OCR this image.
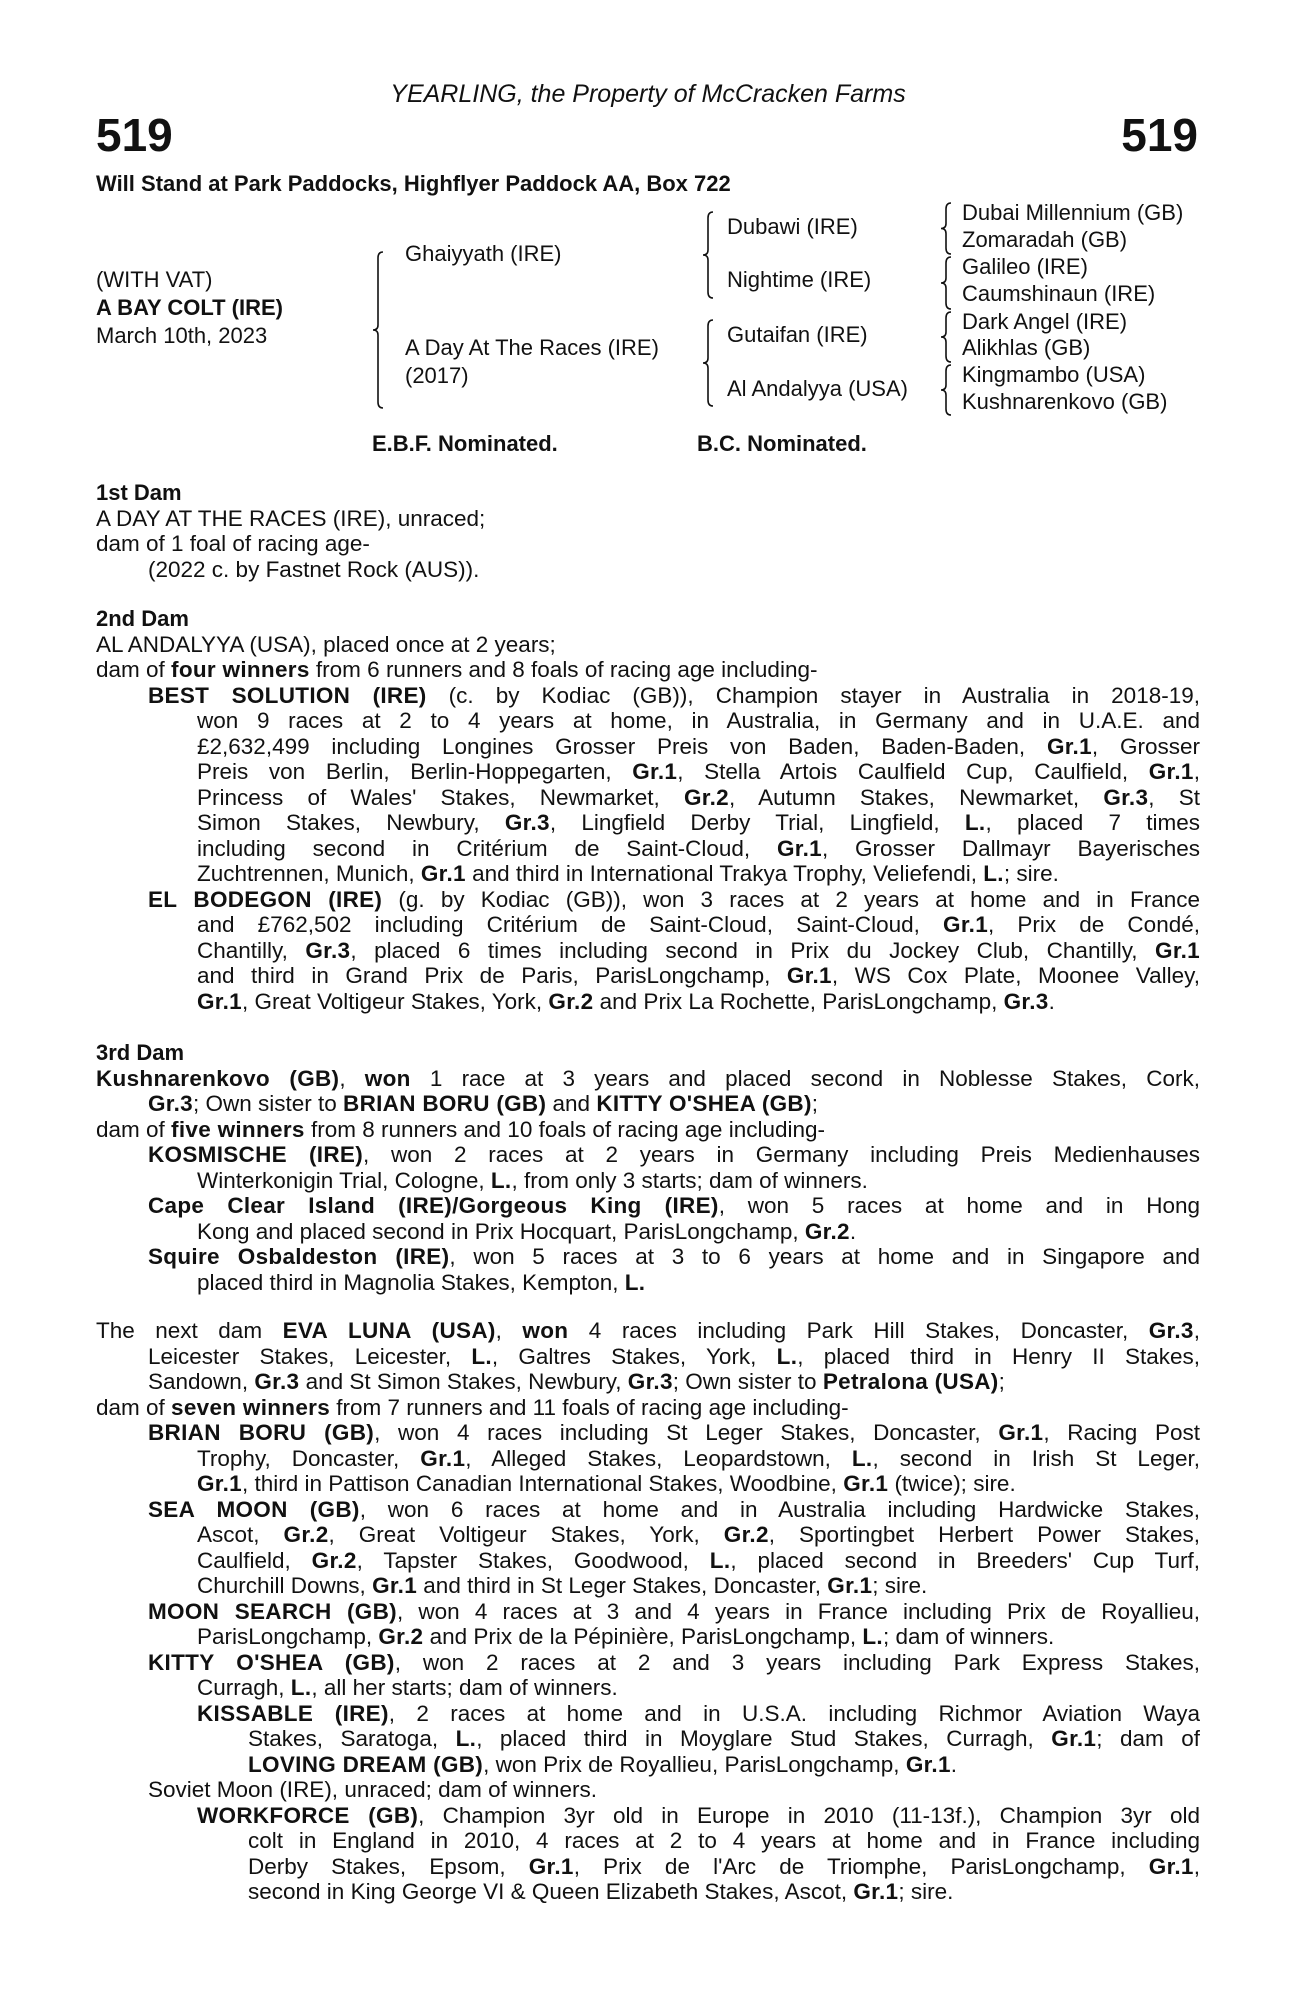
YEARLING, the Property of McCracken Farms
519	519
Will Stand at Park Paddocks, Highflyer Paddock AA, Box 722
(WITH VAT)
A BAY COLT (IRE)
March 10th, 2023
Ghaiyyath (IRE)
A Day At The Races (IRE)
(2017)
Dubawi (IRE)
Nightime (IRE)
Gutaifan (IRE)
Al Andalyya (USA)
Dubai Millennium (GB)
Zomaradah (GB)
Galileo (IRE)
Caumshinaun (IRE)
Dark Angel (IRE)
Alikhlas (GB)
Kingmambo (USA)
Kushnarenkovo (GB)
E.B.F. Nominated.	B.C. Nominated.
1st Dam
A DAY AT THE RACES (IRE), unraced;
dam of 1 foal of racing age-
(2022 c. by Fastnet Rock (AUS)).
2nd Dam
AL ANDALYYA (USA), placed once at 2 years;
dam of four winners from 6 runners and 8 foals of racing age including-
BEST SOLUTION (IRE) (c. by Kodiac (GB)), Champion stayer in Australia in 2018-19,
won 9 races at 2 to 4 years at home, in Australia, in Germany and in U.A.E. and
£2,632,499 including Longines Grosser Preis von Baden, Baden-Baden, Gr.1, Grosser
Preis von Berlin, Berlin-Hoppegarten, Gr.1, Stella Artois Caulfield Cup, Caulfield, Gr.1,
Princess of Wales' Stakes, Newmarket, Gr.2, Autumn Stakes, Newmarket, Gr.3, St
Simon Stakes, Newbury, Gr.3, Lingfield Derby Trial, Lingfield, L., placed 7 times
including second in Critérium de Saint-Cloud, Gr.1, Grosser Dallmayr Bayerisches
Zuchtrennen, Munich, Gr.1 and third in International Trakya Trophy, Veliefendi, L.; sire.
EL BODEGON (IRE) (g. by Kodiac (GB)), won 3 races at 2 years at home and in France
and £762,502 including Critérium de Saint-Cloud, Saint-Cloud, Gr.1, Prix de Condé,
Chantilly, Gr.3, placed 6 times including second in Prix du Jockey Club, Chantilly, Gr.1
and third in Grand Prix de Paris, ParisLongchamp, Gr.1, WS Cox Plate, Moonee Valley,
Gr.1, Great Voltigeur Stakes, York, Gr.2 and Prix La Rochette, ParisLongchamp, Gr.3.
3rd Dam
Kushnarenkovo (GB), won 1 race at 3 years and placed second in Noblesse Stakes, Cork,
Gr.3; Own sister to BRIAN BORU (GB) and KITTY O'SHEA (GB);
dam of five winners from 8 runners and 10 foals of racing age including-
KOSMISCHE (IRE), won 2 races at 2 years in Germany including Preis Medienhauses
Winterkonigin Trial, Cologne, L., from only 3 starts; dam of winners.
Cape Clear Island (IRE)/Gorgeous King (IRE), won 5 races at home and in Hong
Kong and placed second in Prix Hocquart, ParisLongchamp, Gr.2.
Squire Osbaldeston (IRE), won 5 races at 3 to 6 years at home and in Singapore and
placed third in Magnolia Stakes, Kempton, L.
The next dam EVA LUNA (USA), won 4 races including Park Hill Stakes, Doncaster, Gr.3,
Leicester Stakes, Leicester, L., Galtres Stakes, York, L., placed third in Henry II Stakes,
Sandown, Gr.3 and St Simon Stakes, Newbury, Gr.3; Own sister to Petralona (USA);
dam of seven winners from 7 runners and 11 foals of racing age including-
BRIAN BORU (GB), won 4 races including St Leger Stakes, Doncaster, Gr.1, Racing Post
Trophy, Doncaster, Gr.1, Alleged Stakes, Leopardstown, L., second in Irish St Leger,
Gr.1, third in Pattison Canadian International Stakes, Woodbine, Gr.1 (twice); sire.
SEA MOON (GB), won 6 races at home and in Australia including Hardwicke Stakes,
Ascot, Gr.2, Great Voltigeur Stakes, York, Gr.2, Sportingbet Herbert Power Stakes,
Caulfield, Gr.2, Tapster Stakes, Goodwood, L., placed second in Breeders' Cup Turf,
Churchill Downs, Gr.1 and third in St Leger Stakes, Doncaster, Gr.1; sire.
MOON SEARCH (GB), won 4 races at 3 and 4 years in France including Prix de Royallieu,
ParisLongchamp, Gr.2 and Prix de la Pépinière, ParisLongchamp, L.; dam of winners.
KITTY O'SHEA (GB), won 2 races at 2 and 3 years including Park Express Stakes,
Curragh, L., all her starts; dam of winners.
KISSABLE (IRE), 2 races at home and in U.S.A. including Richmor Aviation Waya
Stakes, Saratoga, L., placed third in Moyglare Stud Stakes, Curragh, Gr.1; dam of
LOVING DREAM (GB), won Prix de Royallieu, ParisLongchamp, Gr.1.
Soviet Moon (IRE), unraced; dam of winners.
WORKFORCE (GB), Champion 3yr old in Europe in 2010 (11-13f.), Champion 3yr old
colt in England in 2010, 4 races at 2 to 4 years at home and in France including
Derby Stakes, Epsom, Gr.1, Prix de l'Arc de Triomphe, ParisLongchamp, Gr.1,
second in King George VI & Queen Elizabeth Stakes, Ascot, Gr.1; sire.
